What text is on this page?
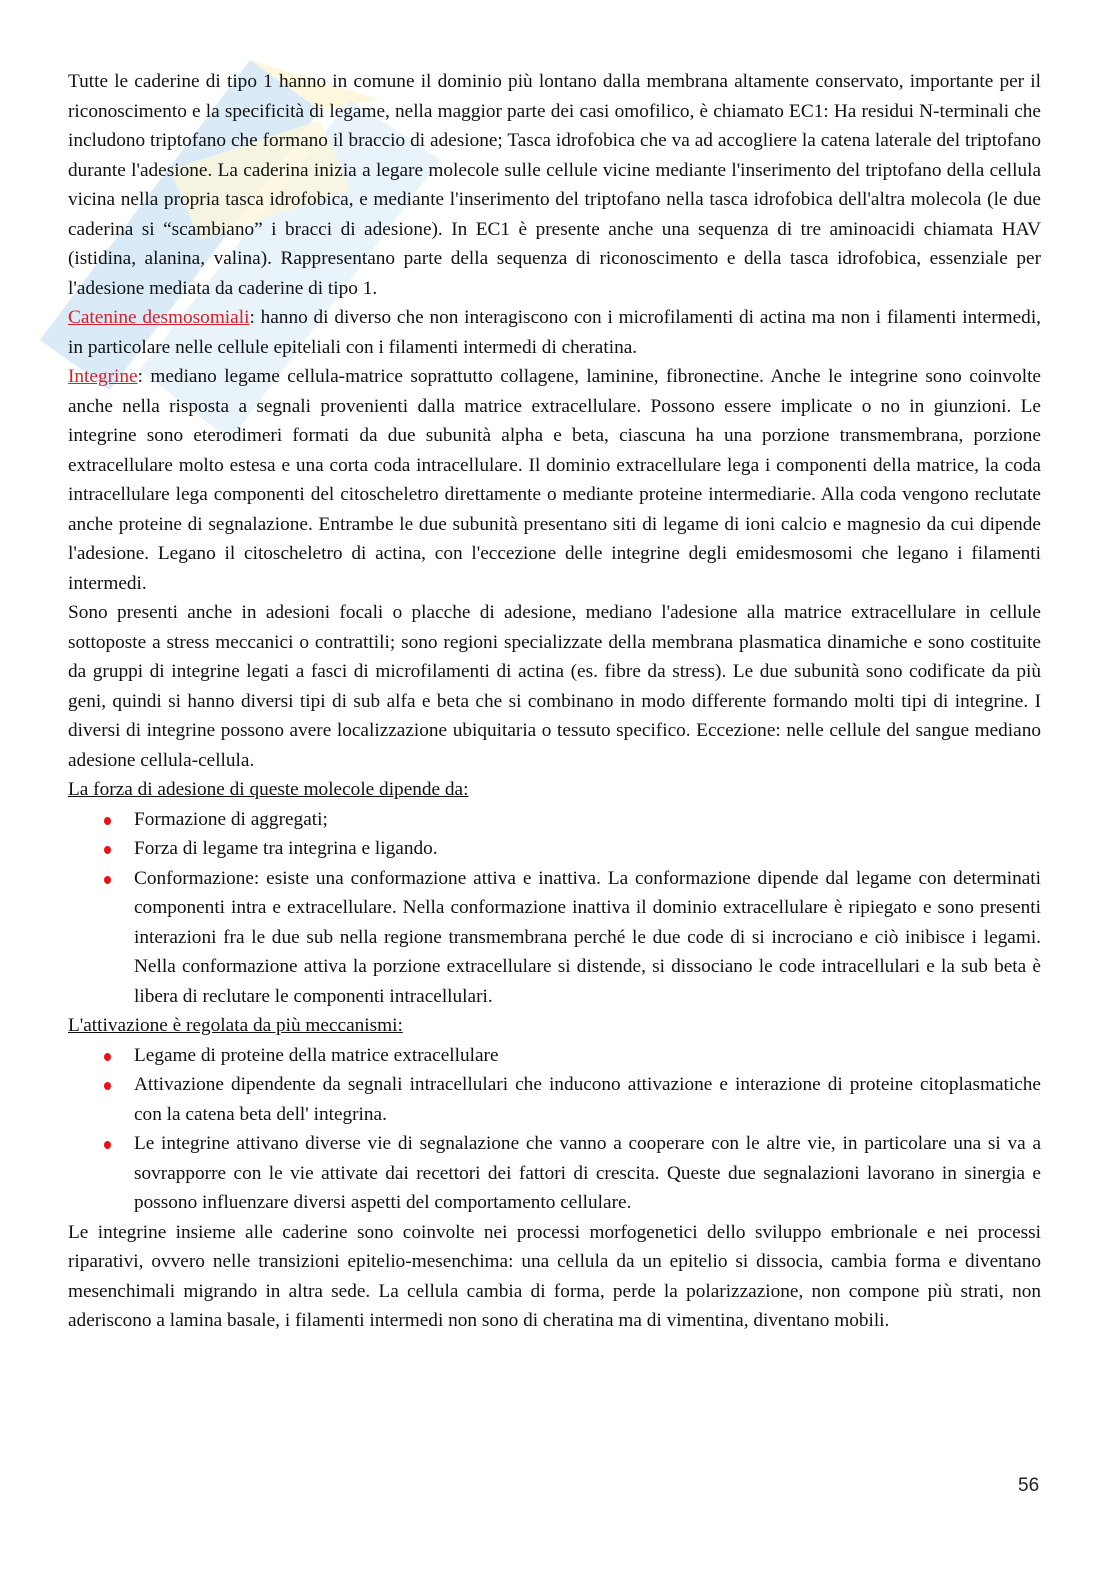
Tutte le caderine di tipo 1 hanno in comune il dominio più lontano dalla membrana altamente conservato, importante per il riconoscimento e la specificità di legame, nella maggior parte dei casi omofilico, è chiamato EC1: Ha residui N-terminali che includono triptofano che formano il braccio di adesione; Tasca idrofobica che va ad accogliere la catena laterale del triptofano durante l'adesione. La caderina inizia a legare molecole sulle cellule vicine mediante l'inserimento del triptofano della cellula vicina nella propria tasca idrofobica, e mediante l'inserimento del triptofano nella tasca idrofobica dell'altra molecola (le due caderina si “scambiano” i bracci di adesione). In EC1 è presente anche una sequenza di tre aminoacidi chiamata HAV (istidina, alanina, valina). Rappresentano parte della sequenza di riconoscimento e della tasca idrofobica, essenziale per l'adesione mediata da caderine di tipo 1.

Catenine desmosomiali: hanno di diverso che non interagiscono con i microfilamenti di actina ma non i filamenti intermedi, in particolare nelle cellule epiteliali con i filamenti intermedi di cheratina.

Integrine: mediano legame cellula-matrice soprattutto collagene, laminine, fibronectine. Anche le integrine sono coinvolte anche nella risposta a segnali provenienti dalla matrice extracellulare. Possono essere implicate o no in giunzioni. Le integrine sono eterodimeri formati da due subunità alpha e beta, ciascuna ha una porzione transmembrana, porzione extracellulare molto estesa e una corta coda intracellulare. Il dominio extracellulare lega i componenti della matrice, la coda intracellulare lega componenti del citoscheletro direttamente o mediante proteine intermediarie. Alla coda vengono reclutate anche proteine di segnalazione. Entrambe le due subunità presentano siti di legame di ioni calcio e magnesio da cui dipende l'adesione. Legano il citoscheletro di actina, con l'eccezione delle integrine degli emidesmosomi che legano i filamenti intermedi.

Sono presenti anche in adesioni focali o placche di adesione, mediano l'adesione alla matrice extracellulare in cellule sottoposte a stress meccanici o contrattili; sono regioni specializzate della membrana plasmatica dinamiche e sono costituite da gruppi di integrine legati a fasci di microfilamenti di actina (es. fibre da stress). Le due subunità sono codificate da più geni, quindi si hanno diversi tipi di sub alfa e beta che si combinano in modo differente formando molti tipi di integrine. I diversi di integrine possono avere localizzazione ubiquitaria o tessuto specifico. Eccezione: nelle cellule del sangue mediano adesione cellula-cellula.

La forza di adesione di queste molecole dipende da:
Formazione di aggregati;
Forza di legame tra integrina e ligando.
Conformazione: esiste una conformazione attiva e inattiva. La conformazione dipende dal legame con determinati componenti intra e extracellulare. Nella conformazione inattiva il dominio extracellulare è ripiegato e sono presenti interazioni fra le due sub nella regione transmembrana perché le due code di si incrociano e ciò inibisce i legami. Nella conformazione attiva la porzione extracellulare si distende, si dissociano le code intracellulari e la sub beta è libera di reclutare le componenti intracellulari.
L'attivazione è regolata da più meccanismi:
Legame di proteine della matrice extracellulare
Attivazione dipendente da segnali intracellulari che inducono attivazione e interazione di proteine citoplasmatiche con la catena beta dell' integrina.
Le integrine attivano diverse vie di segnalazione che vanno a cooperare con le altre vie, in particolare una si va a sovrapporre con le vie attivate dai recettori dei fattori di crescita. Queste due segnalazioni lavorano in sinergia e possono influenzare diversi aspetti del comportamento cellulare.

Le integrine insieme alle caderine sono coinvolte nei processi morfogenetici dello sviluppo embrionale e nei processi riparativi, ovvero nelle transizioni epitelio-mesenchima: una cellula da un epitelio si dissocia, cambia forma e diventano mesenchimali migrando in altra sede. La cellula cambia di forma, perde la polarizzazione, non compone più strati, non aderiscono a lamina basale, i filamenti intermedi non sono di cheratina ma di vimentina, diventano mobili.

56
